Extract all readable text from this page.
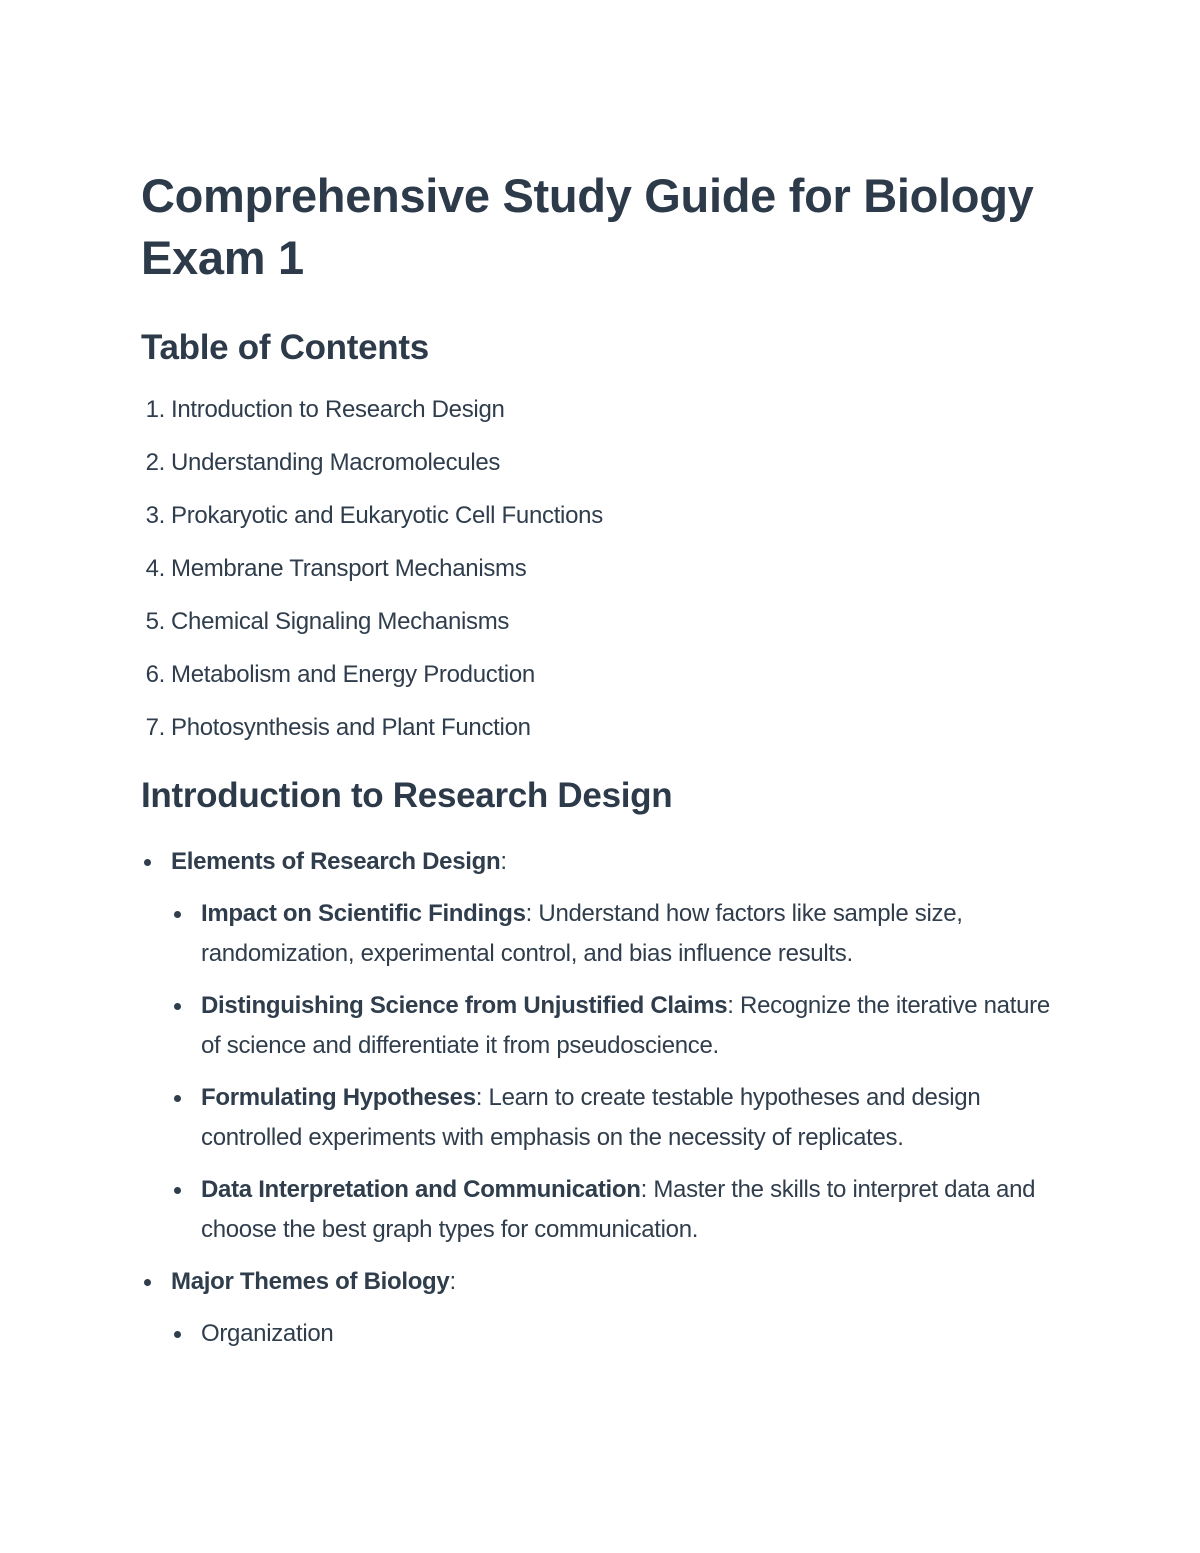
Comprehensive Study Guide for Biology Exam 1
Table of Contents
1. Introduction to Research Design
2. Understanding Macromolecules
3. Prokaryotic and Eukaryotic Cell Functions
4. Membrane Transport Mechanisms
5. Chemical Signaling Mechanisms
6. Metabolism and Energy Production
7. Photosynthesis and Plant Function
Introduction to Research Design
Elements of Research Design:
Impact on Scientific Findings: Understand how factors like sample size, randomization, experimental control, and bias influence results.
Distinguishing Science from Unjustified Claims: Recognize the iterative nature of science and differentiate it from pseudoscience.
Formulating Hypotheses: Learn to create testable hypotheses and design controlled experiments with emphasis on the necessity of replicates.
Data Interpretation and Communication: Master the skills to interpret data and choose the best graph types for communication.
Major Themes of Biology:
Organization
